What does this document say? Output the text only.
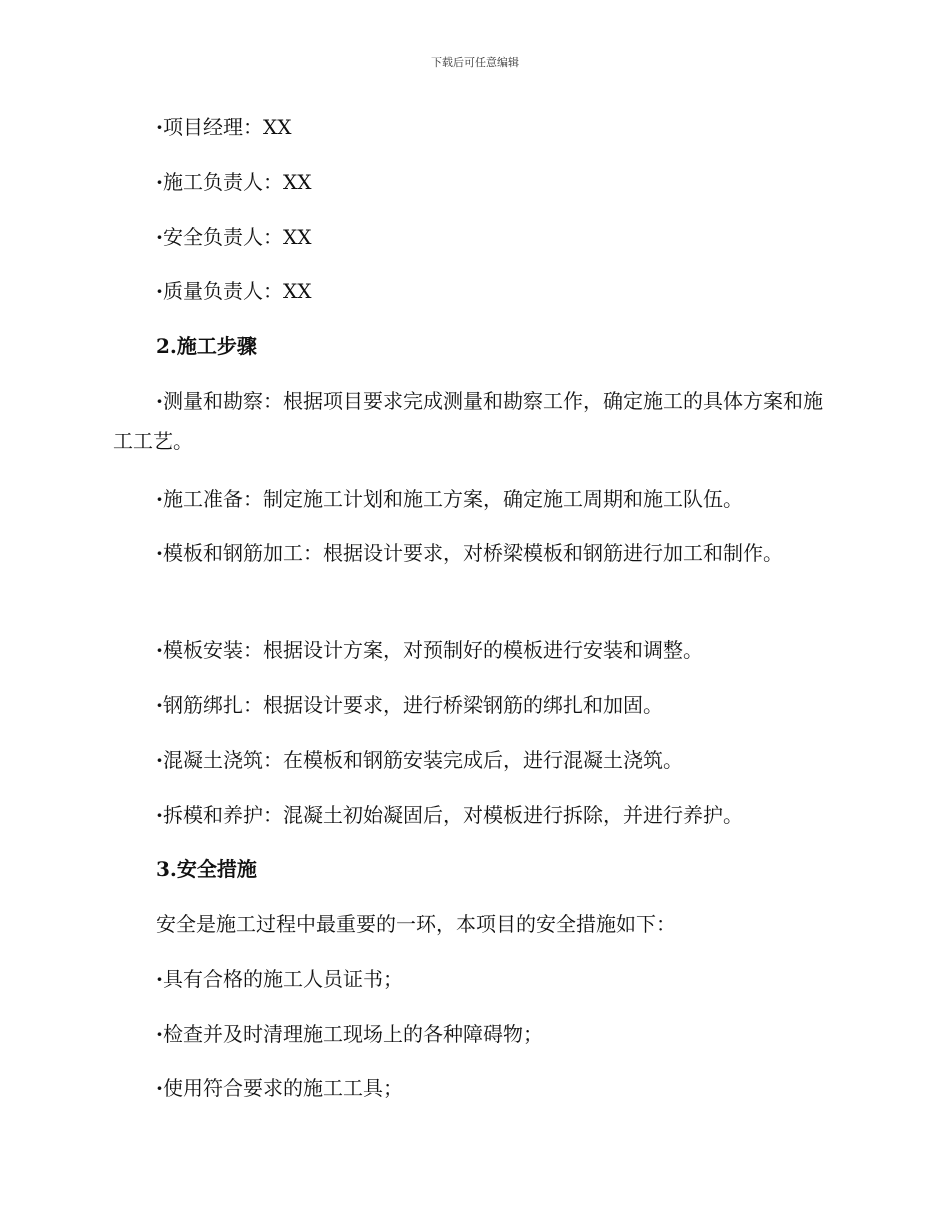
下载后可任意编辑
·项目经理：XX
·施工负责人：XX
·安全负责人：XX
·质量负责人：XX
2.施工步骤
·测量和勘察：根据项目要求完成测量和勘察工作，确定施工的具体方案和施工工艺。
·施工准备：制定施工计划和施工方案，确定施工周期和施工队伍。
·模板和钢筋加工：根据设计要求，对桥梁模板和钢筋进行加工和制作。
·模板安装：根据设计方案，对预制好的模板进行安装和调整。
·钢筋绑扎：根据设计要求，进行桥梁钢筋的绑扎和加固。
·混凝土浇筑：在模板和钢筋安装完成后，进行混凝土浇筑。
·拆模和养护：混凝土初始凝固后，对模板进行拆除，并进行养护。
3.安全措施
安全是施工过程中最重要的一环，本项目的安全措施如下：
·具有合格的施工人员证书；
·检查并及时清理施工现场上的各种障碍物；
·使用符合要求的施工工具；
